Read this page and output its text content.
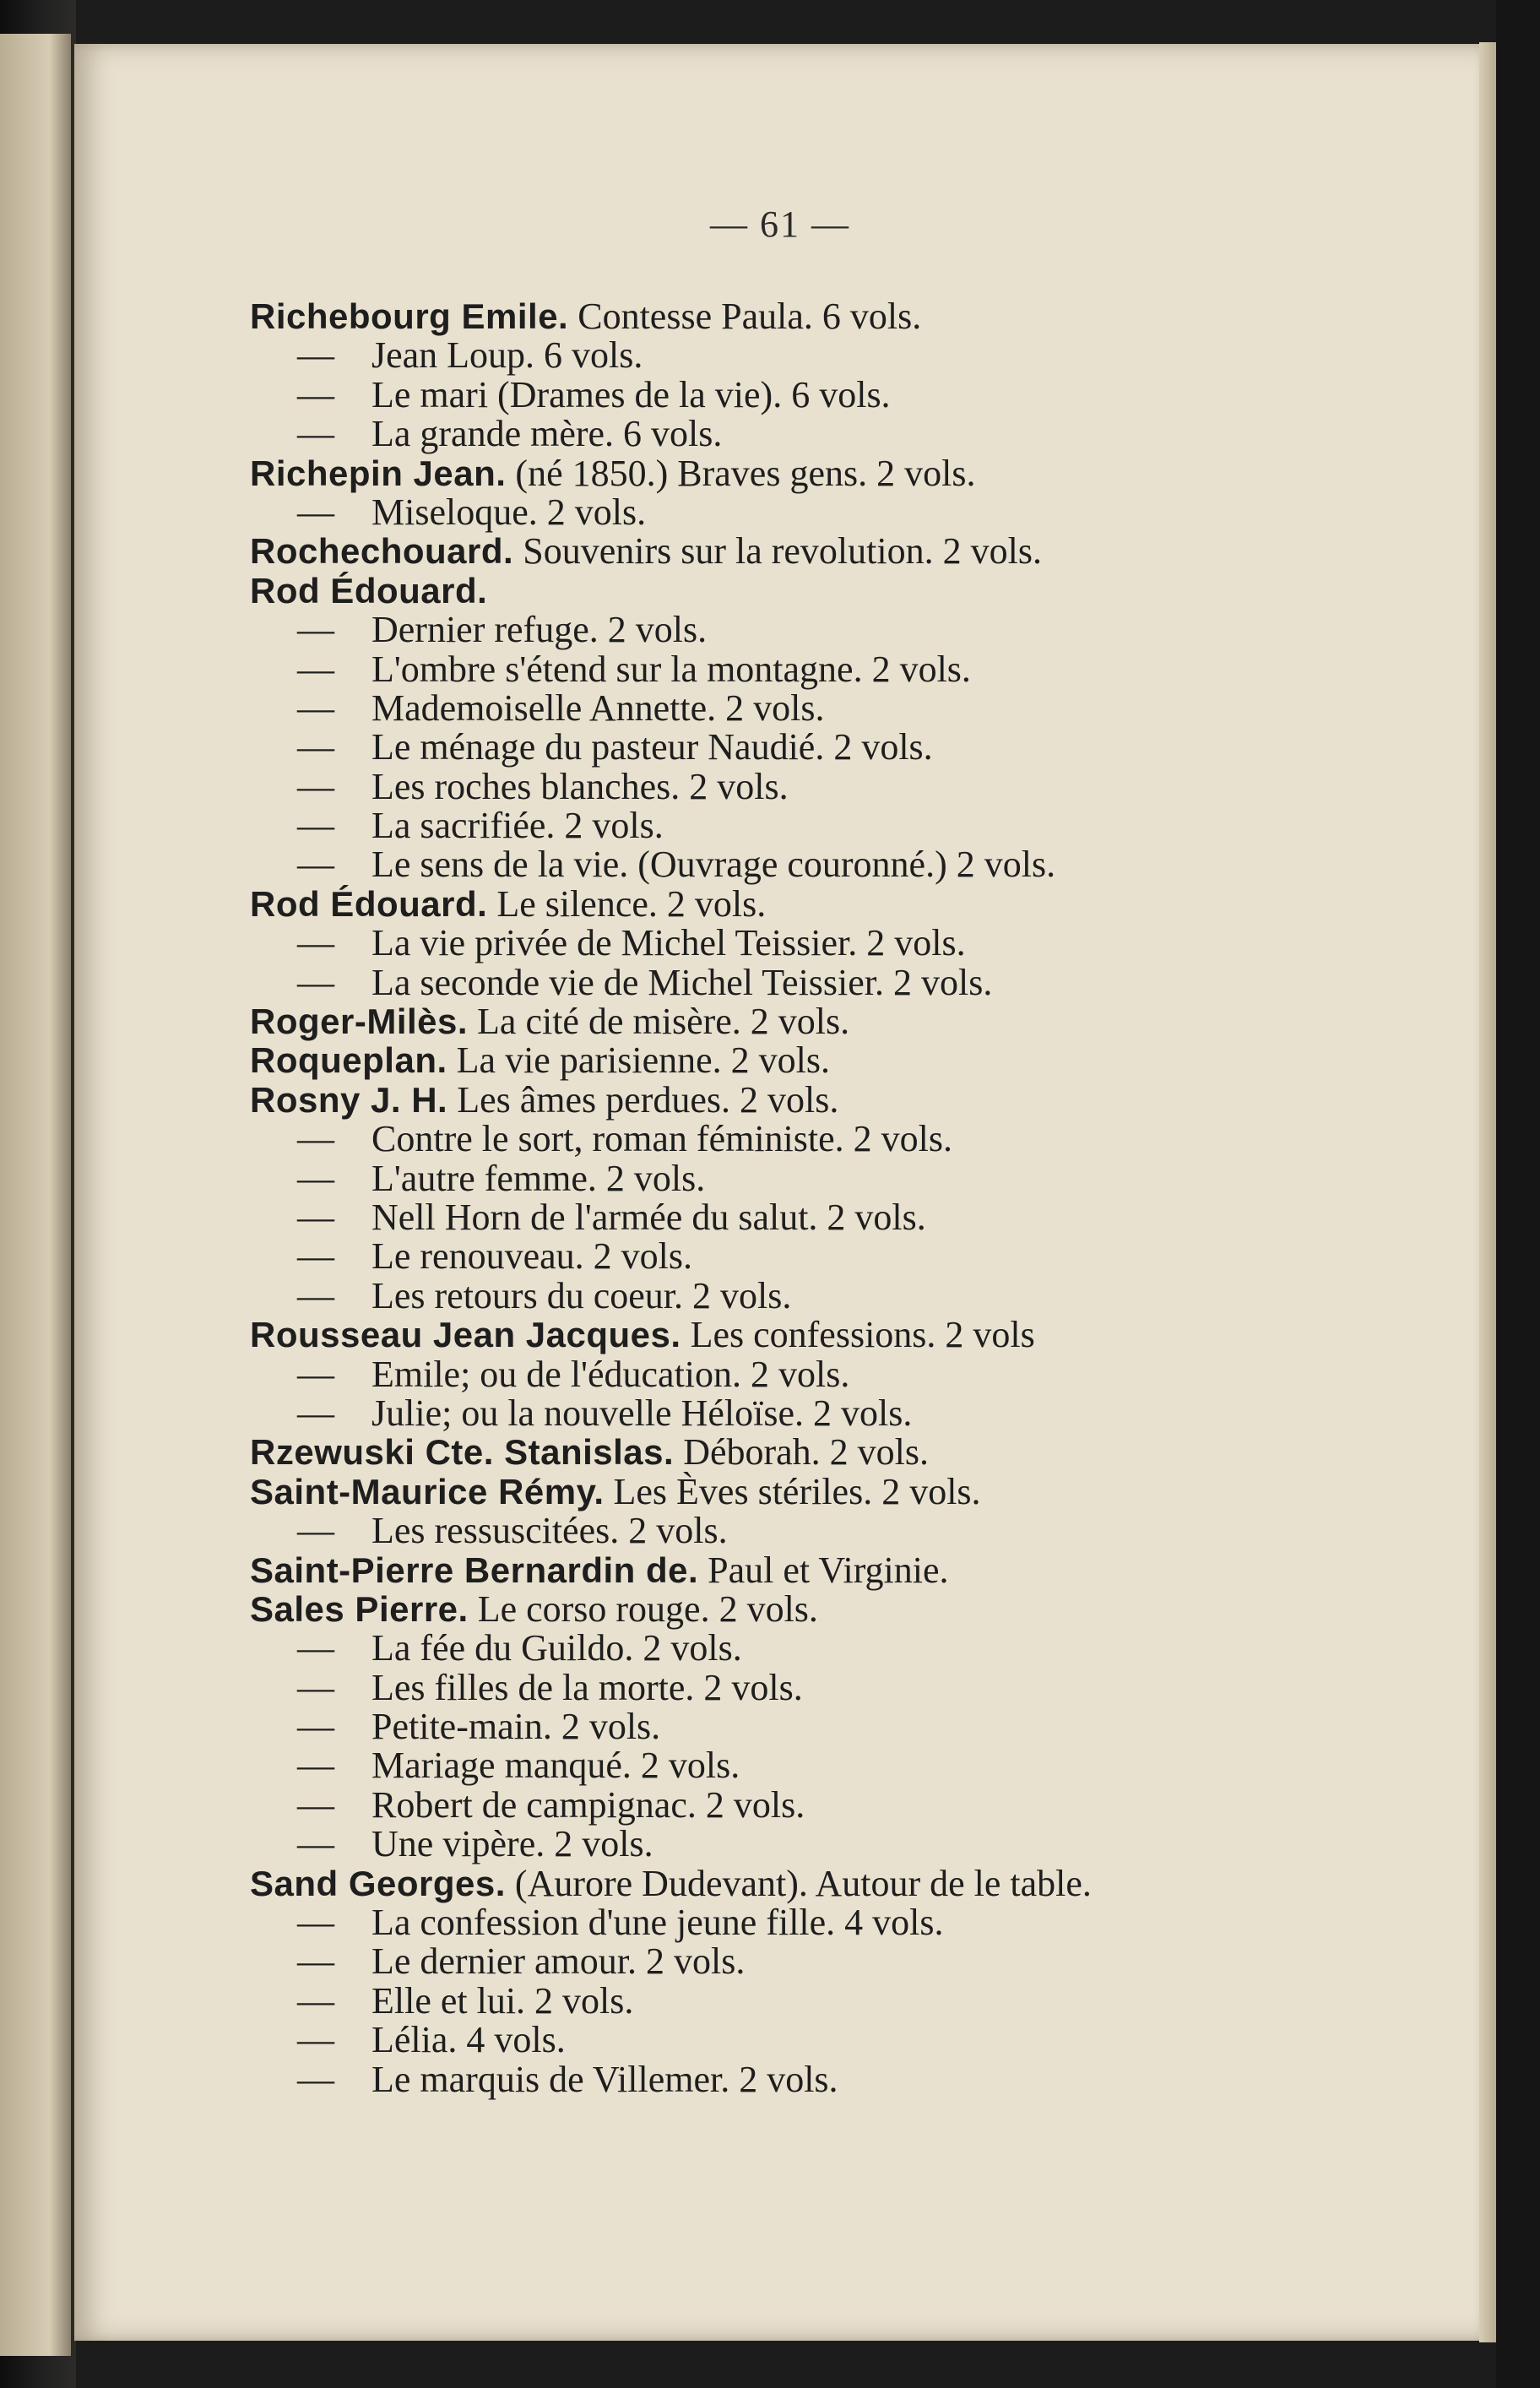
— 61 —
Richebourg Emile. Contesse Paula. 6 vols.
— Jean Loup. 6 vols.
— Le mari (Drames de la vie). 6 vols.
— La grande mère. 6 vols.
Richepin Jean. (né 1850.) Braves gens. 2 vols.
— Miseloque. 2 vols.
Rochechouard. Souvenirs sur la revolution. 2 vols.
Rod Édouard.
— Dernier refuge. 2 vols.
— L'ombre s'étend sur la montagne. 2 vols.
— Mademoiselle Annette. 2 vols.
— Le ménage du pasteur Naudié. 2 vols.
— Les roches blanches. 2 vols.
— La sacrifiée. 2 vols.
— Le sens de la vie. (Ouvrage couronné.) 2 vols.
Rod Édouard. Le silence. 2 vols.
— La vie privée de Michel Teissier. 2 vols.
— La seconde vie de Michel Teissier. 2 vols.
Roger-Milès. La cité de misère. 2 vols.
Roqueplan. La vie parisienne. 2 vols.
Rosny J. H. Les âmes perdues. 2 vols.
— Contre le sort, roman féministe. 2 vols.
— L'autre femme. 2 vols.
— Nell Horn de l'armée du salut. 2 vols.
— Le renouveau. 2 vols.
— Les retours du coeur. 2 vols.
Rousseau Jean Jacques. Les confessions. 2 vols
— Emile; ou de l'éducation. 2 vols.
— Julie; ou la nouvelle Héloïse. 2 vols.
Rzewuski Cte. Stanislas. Déborah. 2 vols.
Saint-Maurice Rémy. Les Èves stériles. 2 vols.
— Les ressuscitées. 2 vols.
Saint-Pierre Bernardin de. Paul et Virginie.
Sales Pierre. Le corso rouge. 2 vols.
— La fée du Guildo. 2 vols.
— Les filles de la morte. 2 vols.
— Petite-main. 2 vols.
— Mariage manqué. 2 vols.
— Robert de campignac. 2 vols.
— Une vipère. 2 vols.
Sand Georges. (Aurore Dudevant). Autour de le table.
— La confession d'une jeune fille. 4 vols.
— Le dernier amour. 2 vols.
— Elle et lui. 2 vols.
— Lélia. 4 vols.
— Le marquis de Villemer. 2 vols.
